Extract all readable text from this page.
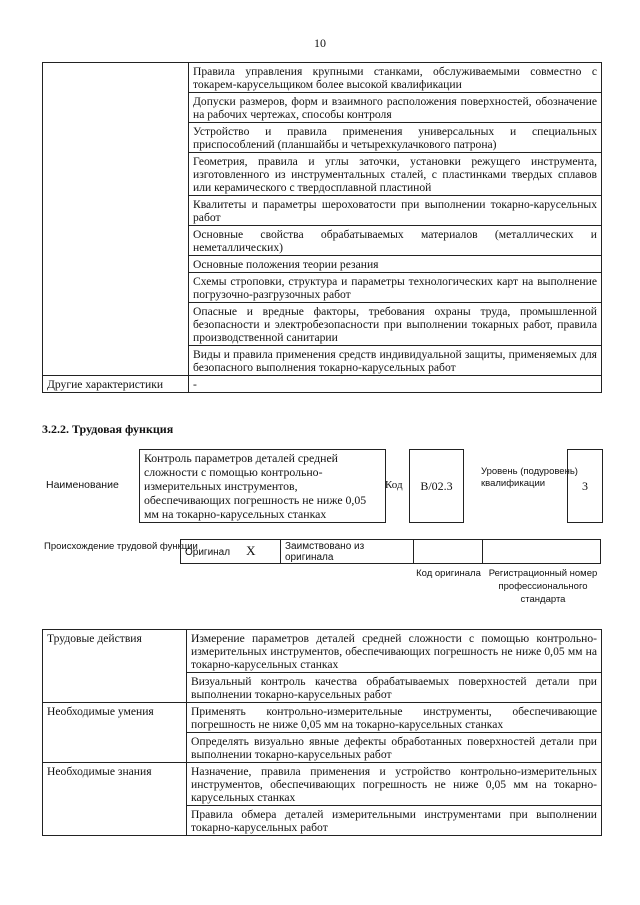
10
	Правила управления крупными станками, обслуживаемыми совместно с токарем-карусельщиком более высокой квалификации
	Допуски размеров, форм и взаимного расположения поверхностей, обозначение на рабочих чертежах, способы контроля
	Устройство и правила применения универсальных и специальных приспособлений (планшайбы и четырехкулачкового патрона)
	Геометрия, правила и углы заточки, установки режущего инструмента, изготовленного из инструментальных сталей, с пластинками твердых сплавов или керамического с твердосплавной пластиной
	Квалитеты и параметры шероховатости при выполнении токарно-карусельных работ
	Основные свойства обрабатываемых материалов (металлических и неметаллических)
	Основные положения теории резания
	Схемы строповки, структура и параметры технологических карт на выполнение погрузочно-разгрузочных работ
	Опасные и вредные факторы, требования охраны труда, промышленной безопасности и электробезопасности при выполнении токарных работ, правила производственной санитарии
	Виды и правила применения средств индивидуальной защиты, применяемых для безопасного выполнения токарно-карусельных работ
Другие характеристики	-
3.2.2. Трудовая функция
Наименование
Контроль параметров деталей средней сложности с помощью контрольно-измерительных инструментов, обеспечивающих погрешность не ниже 0,05 мм на токарно-карусельных станках
Код	B/02.3
Уровень (подуровень) квалификации	3
Происхождение трудовой функции
Оригинал X	Заимствовано из оригинала		
Код оригинала Регистрационный номер профессионального стандарта
Трудовые действия	Измерение параметров деталей средней сложности с помощью контрольно-измерительных инструментов, обеспечивающих погрешность не ниже 0,05 мм на токарно-карусельных станках
	Визуальный контроль качества обрабатываемых поверхностей детали при выполнении токарно-карусельных работ
Необходимые умения	Применять контрольно-измерительные инструменты, обеспечивающие погрешность не ниже 0,05 мм на токарно-карусельных станках
	Определять визуально явные дефекты обработанных поверхностей детали при выполнении токарно-карусельных работ
Необходимые знания	Назначение, правила применения и устройство контрольно-измерительных инструментов, обеспечивающих погрешность не ниже 0,05 мм на токарно-карусельных станках
	Правила обмера деталей измерительными инструментами при выполнении токарно-карусельных работ
